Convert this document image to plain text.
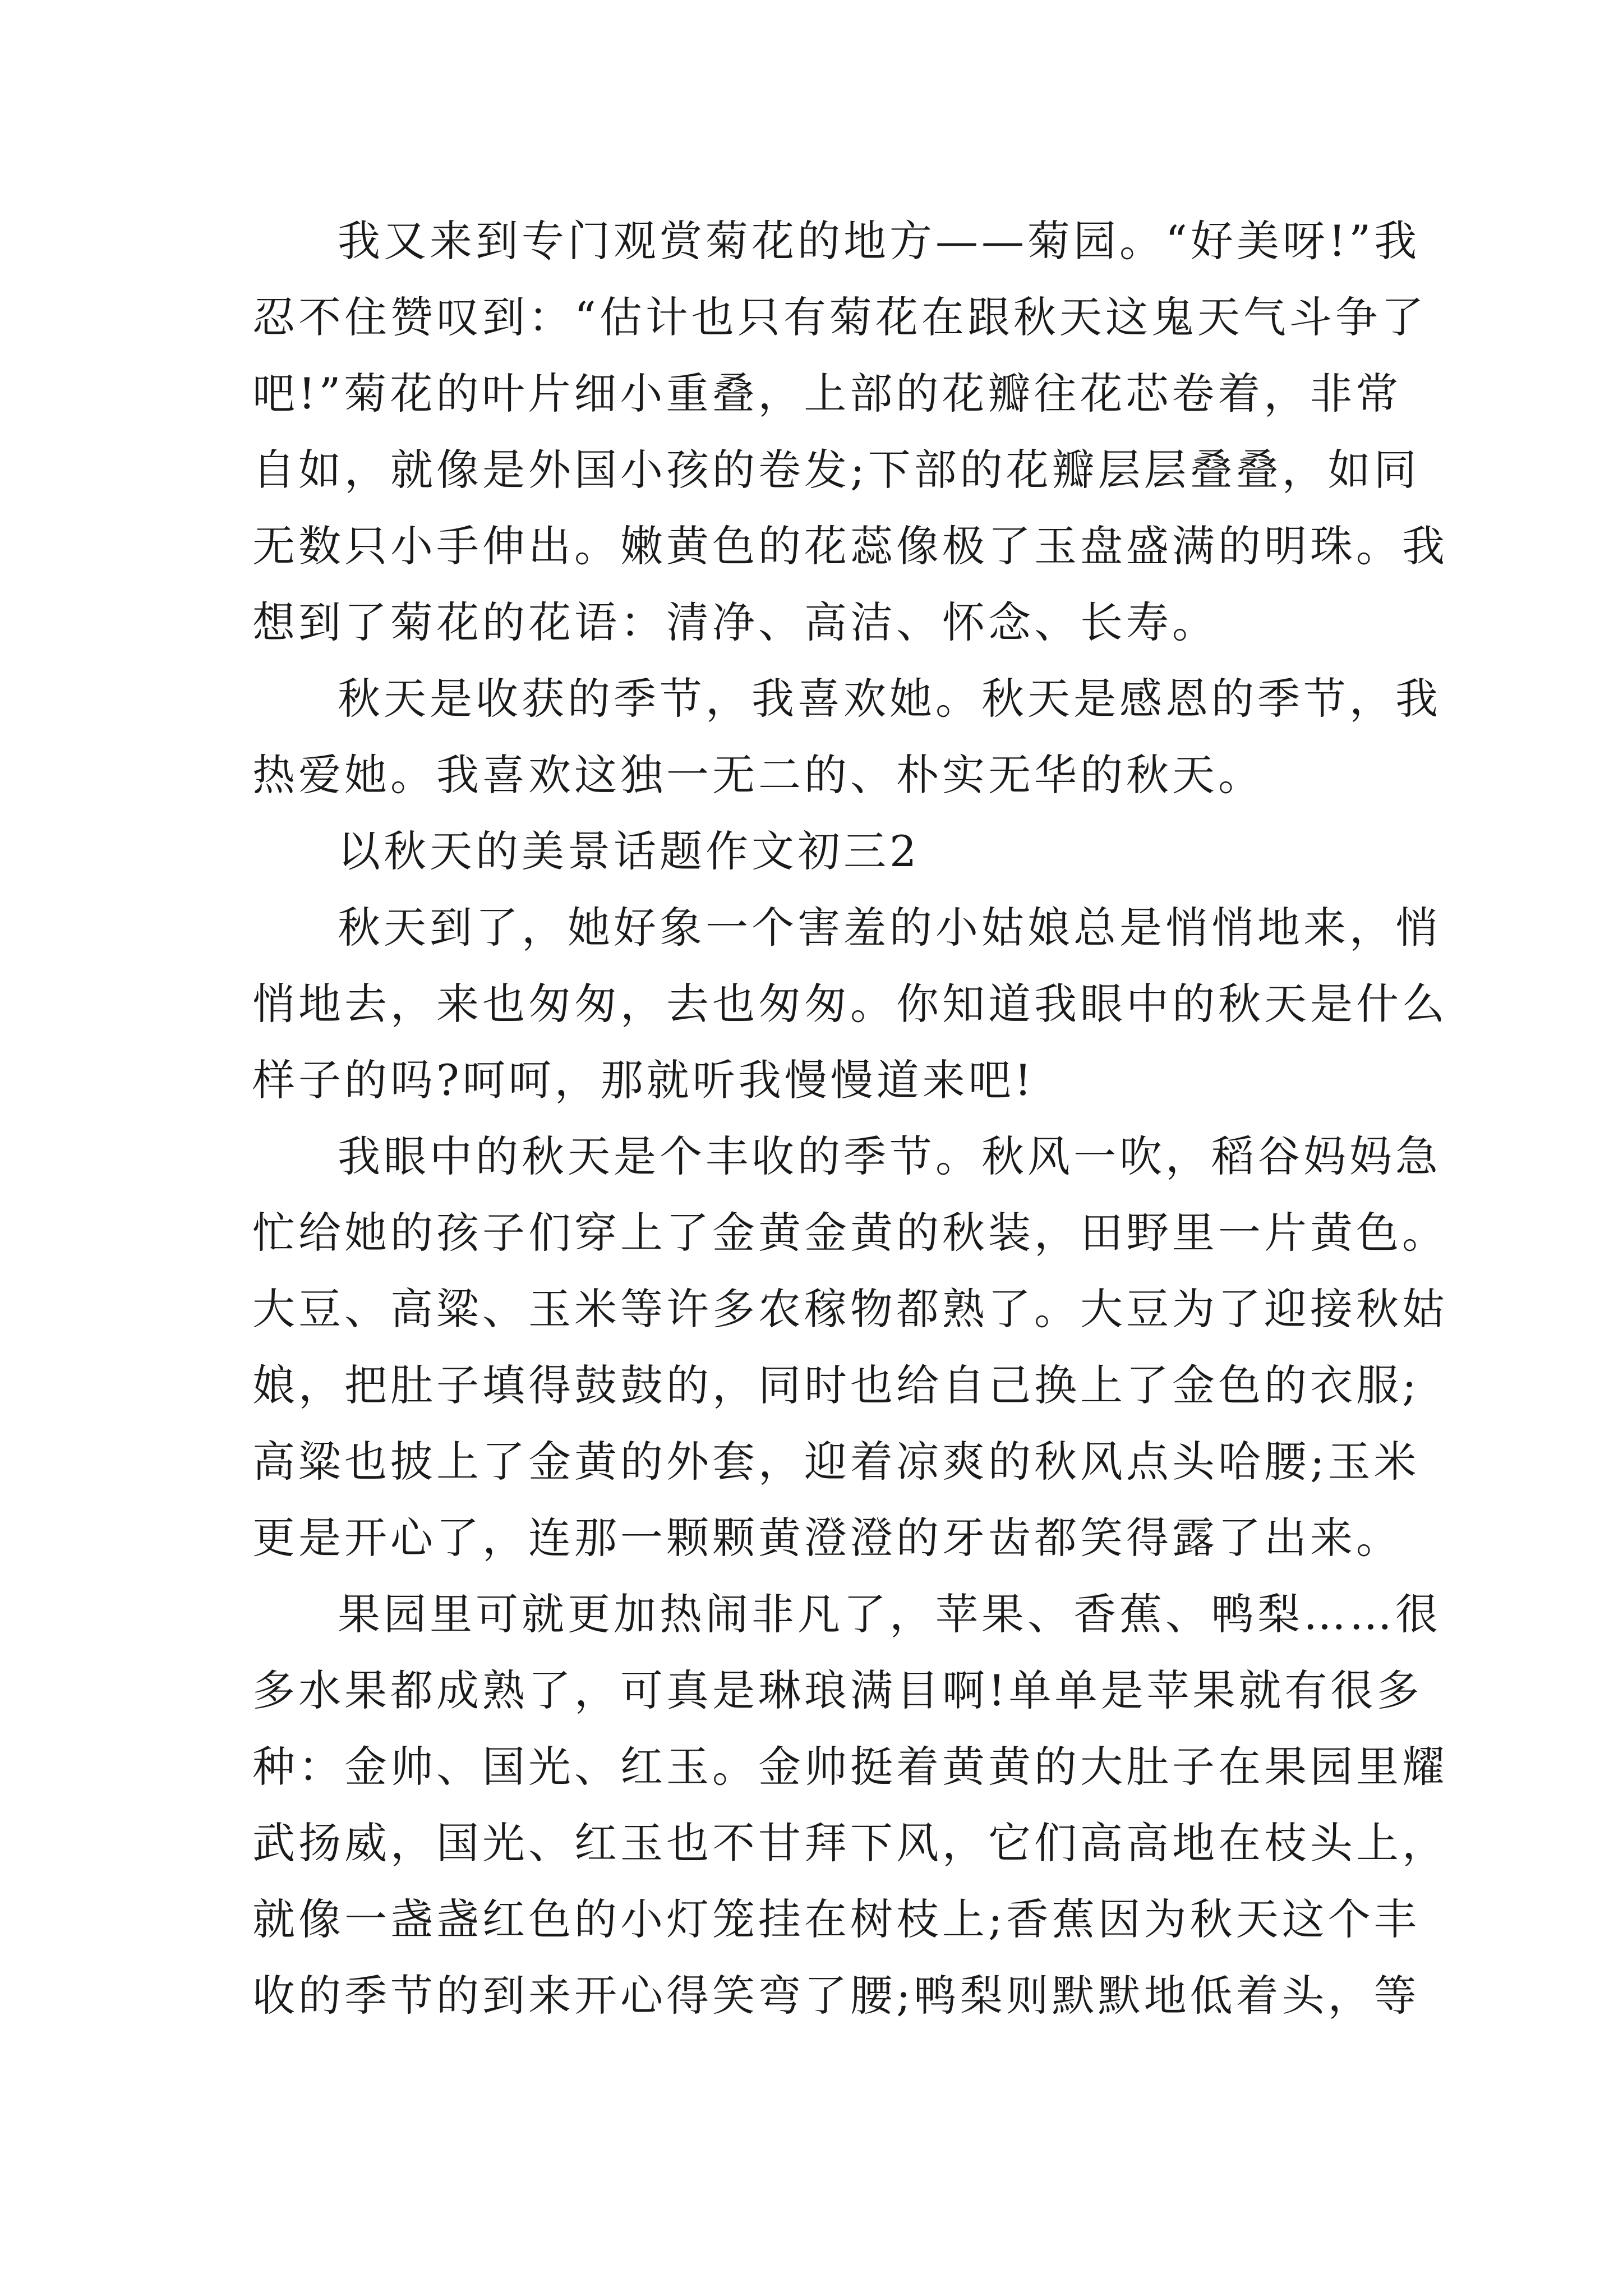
我又来到专门观赏菊花的地方——菊园。“好美呀!”我
忍不住赞叹到：“估计也只有菊花在跟秋天这鬼天气斗争了
吧!”菊花的叶片细小重叠，上部的花瓣往花芯卷着，非常
自如，就像是外国小孩的卷发;下部的花瓣层层叠叠，如同
无数只小手伸出。嫩黄色的花蕊像极了玉盘盛满的明珠。我
想到了菊花的花语：清净、高洁、怀念、长寿。
秋天是收获的季节，我喜欢她。秋天是感恩的季节，我
热爱她。我喜欢这独一无二的、朴实无华的秋天。
以秋天的美景话题作文初三2
秋天到了，她好象一个害羞的小姑娘总是悄悄地来，悄
悄地去，来也匆匆，去也匆匆。你知道我眼中的秋天是什么
样子的吗?呵呵，那就听我慢慢道来吧!
我眼中的秋天是个丰收的季节。秋风一吹，稻谷妈妈急
忙给她的孩子们穿上了金黄金黄的秋装，田野里一片黄色。
大豆、高粱、玉米等许多农稼物都熟了。大豆为了迎接秋姑
娘，把肚子填得鼓鼓的，同时也给自己换上了金色的衣服;
高粱也披上了金黄的外套，迎着凉爽的秋风点头哈腰;玉米
更是开心了，连那一颗颗黄澄澄的牙齿都笑得露了出来。
果园里可就更加热闹非凡了，苹果、香蕉、鸭梨……很
多水果都成熟了，可真是琳琅满目啊!单单是苹果就有很多
种：金帅、国光、红玉。金帅挺着黄黄的大肚子在果园里耀
武扬威，国光、红玉也不甘拜下风，它们高高地在枝头上，
就像一盏盏红色的小灯笼挂在树枝上;香蕉因为秋天这个丰
收的季节的到来开心得笑弯了腰;鸭梨则默默地低着头，等
